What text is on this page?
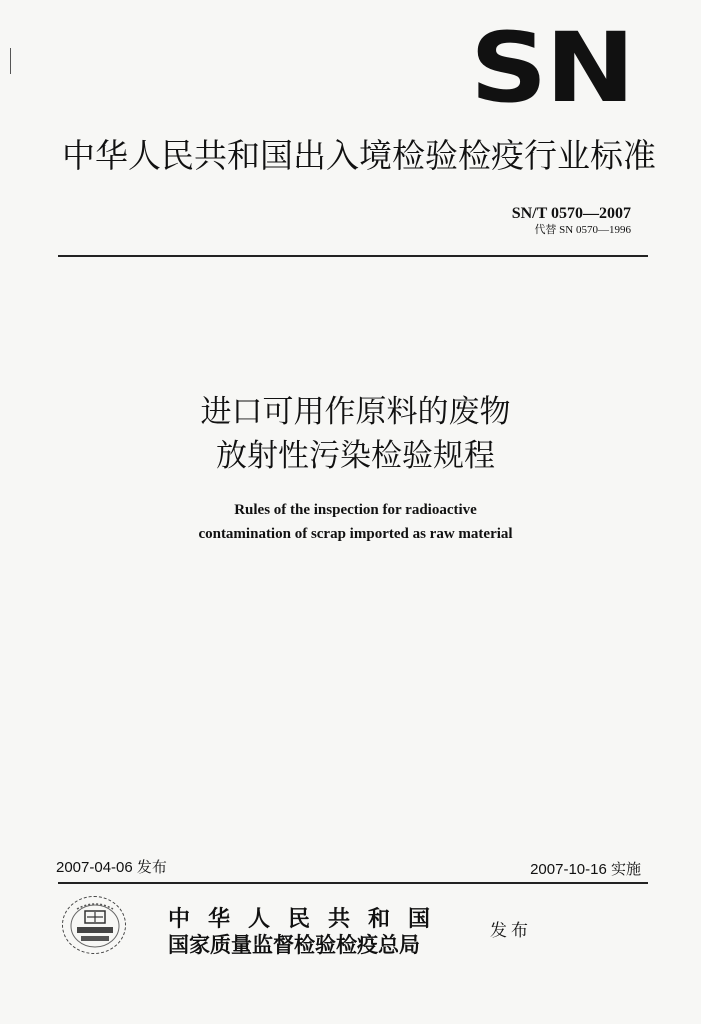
SN
中华人民共和国出入境检验检疫行业标准
SN/T 0570—2007
代替 SN 0570—1996
进口可用作原料的废物
放射性污染检验规程
Rules of the inspection for radioactive
contamination of scrap imported as raw material
2007-04-06 发布	2007-10-16 实施
中华人民共和国
国家质量监督检验检疫总局
发布
